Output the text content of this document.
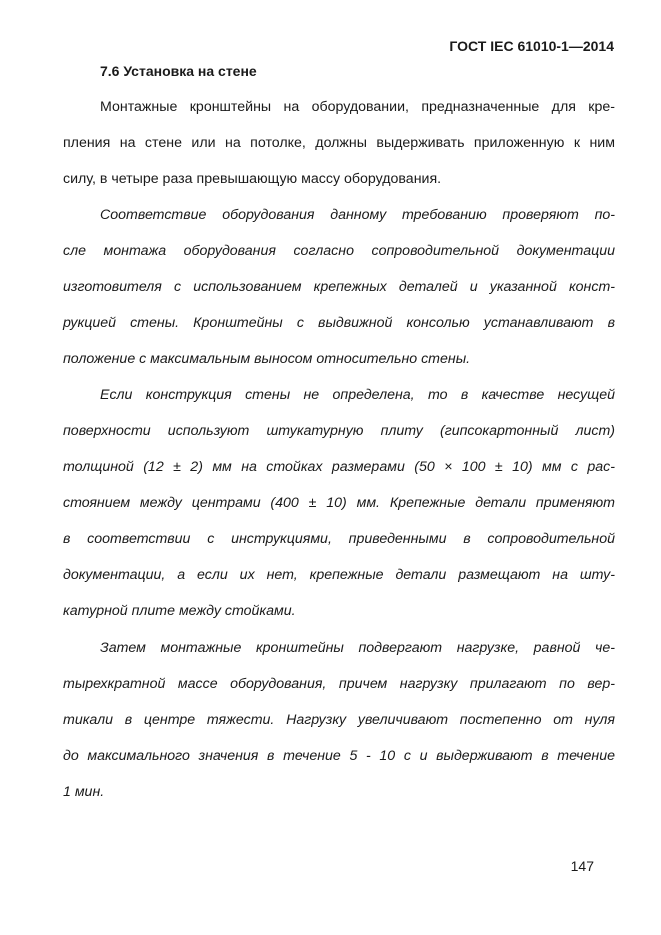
ГОСТ IEC 61010-1—2014
7.6 Установка на стене
Монтажные кронштейны на оборудовании, предназначенные для кре-
пления на стене или на потолке, должны выдерживать приложенную к ним
силу, в четыре раза превышающую массу оборудования.
Соответствие оборудования данному требованию проверяют по-
сле монтажа оборудования согласно сопроводительной документации
изготовителя с использованием крепежных деталей и указанной конст-
рукцией стены. Кронштейны с выдвижной консолью устанавливают в
положение с максимальным выносом относительно стены.
Если конструкция стены не определена, то в качестве несущей
поверхности используют штукатурную плиту (гипсокартонный лист)
толщиной (12 ± 2) мм на стойках размерами (50 × 100 ± 10) мм с рас-
стоянием между центрами (400 ± 10) мм. Крепежные детали применяют
в соответствии с инструкциями, приведенными в сопроводительной
документации, а если их нет, крепежные детали размещают на шту-
катурной плите между стойками.
Затем монтажные кронштейны подвергают нагрузке, равной че-
тырехкратной массе оборудования, причем нагрузку прилагают по вер-
тикали в центре тяжести. Нагрузку увеличивают постепенно от нуля
до максимального значения в течение 5 - 10 с и выдерживают в течение
1 мин.
147
